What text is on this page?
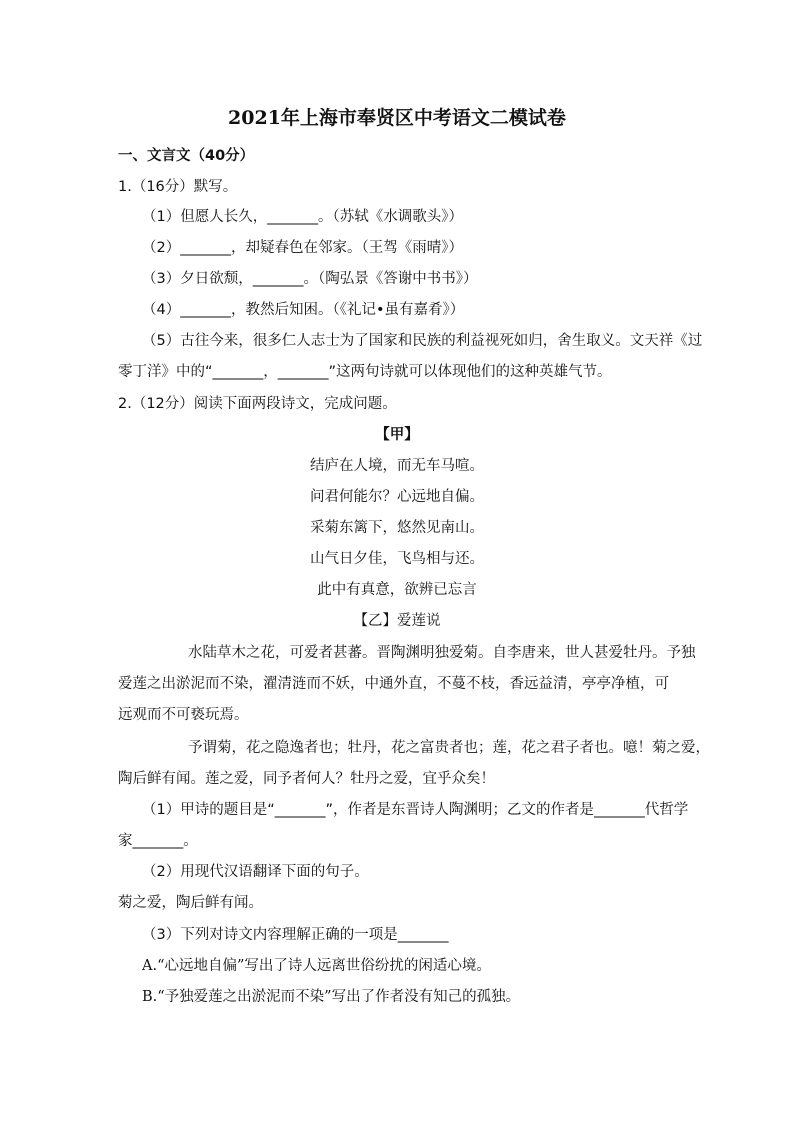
2021年上海市奉贤区中考语文二模试卷
一、文言文（40分）
1.（16分）默写。
（1）但愿人长久，_______。（苏轼《水调歌头》）
（2）_______，却疑春色在邻家。（王驾《雨晴》）
（3）夕日欲颓，_______。（陶弘景《答谢中书书》）
（4）_______，教然后知困。（《礼记•虽有嘉肴》）
（5）古往今来，很多仁人志士为了国家和民族的利益视死如归，舍生取义。文天祥《过
零丁洋》中的“_______，_______”这两句诗就可以体现他们的这种英雄气节。
2.（12分）阅读下面两段诗文，完成问题。
【甲】
结庐在人境，而无车马喧。
问君何能尔？心远地自偏。
采菊东篱下，悠然见南山。
山气日夕佳，飞鸟相与还。
此中有真意，欲辨已忘言
【乙】爱莲说
水陆草木之花，可爱者甚蕃。晋陶渊明独爱菊。自李唐来，世人甚爱牡丹。予独
爱莲之出淤泥而不染，濯清涟而不妖，中通外直，不蔓不枝，香远益清，亭亭净植，可
远观而不可亵玩焉。
予谓菊，花之隐逸者也；牡丹，花之富贵者也；莲，花之君子者也。噫！菊之爱，
陶后鲜有闻。莲之爱，同予者何人？牡丹之爱，宜乎众矣！
（1）甲诗的题目是“_______”，作者是东晋诗人陶渊明；乙文的作者是_______代哲学
家_______。
（2）用现代汉语翻译下面的句子。
菊之爱，陶后鲜有闻。
（3）下列对诗文内容理解正确的一项是_______
A.“心远地自偏”写出了诗人远离世俗纷扰的闲适心境。
B.“予独爱莲之出淤泥而不染”写出了作者没有知己的孤独。
